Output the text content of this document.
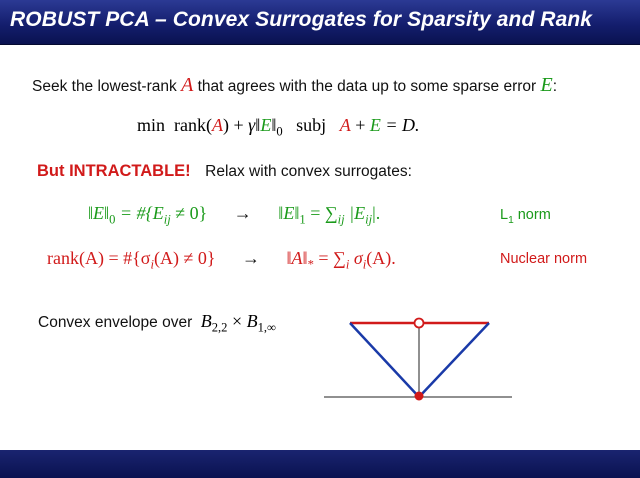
ROBUST PCA – Convex Surrogates for Sparsity and Rank
Seek the lowest-rank A that agrees with the data up to some sparse error E:
min rank(A) + $\gamma‖E‖_0$ subj A + E = D.
But INTRACTABLE! Relax with convex surrogates:
$‖E‖_0$ = $\#\{E_{ij} \ne 0\}$ → $‖E‖_1 = \sum_{ij}$ $|E_{ij}|$.	$L_1$ norm
rank(A) = $\#\{\sigma_i(A) \ne 0\}$ → $‖A‖_* = \sum_i$ $\sigma_i(A)$.	Nuclear norm
Convex envelope over $B_{2,2} \times B_{1,\infty}$
